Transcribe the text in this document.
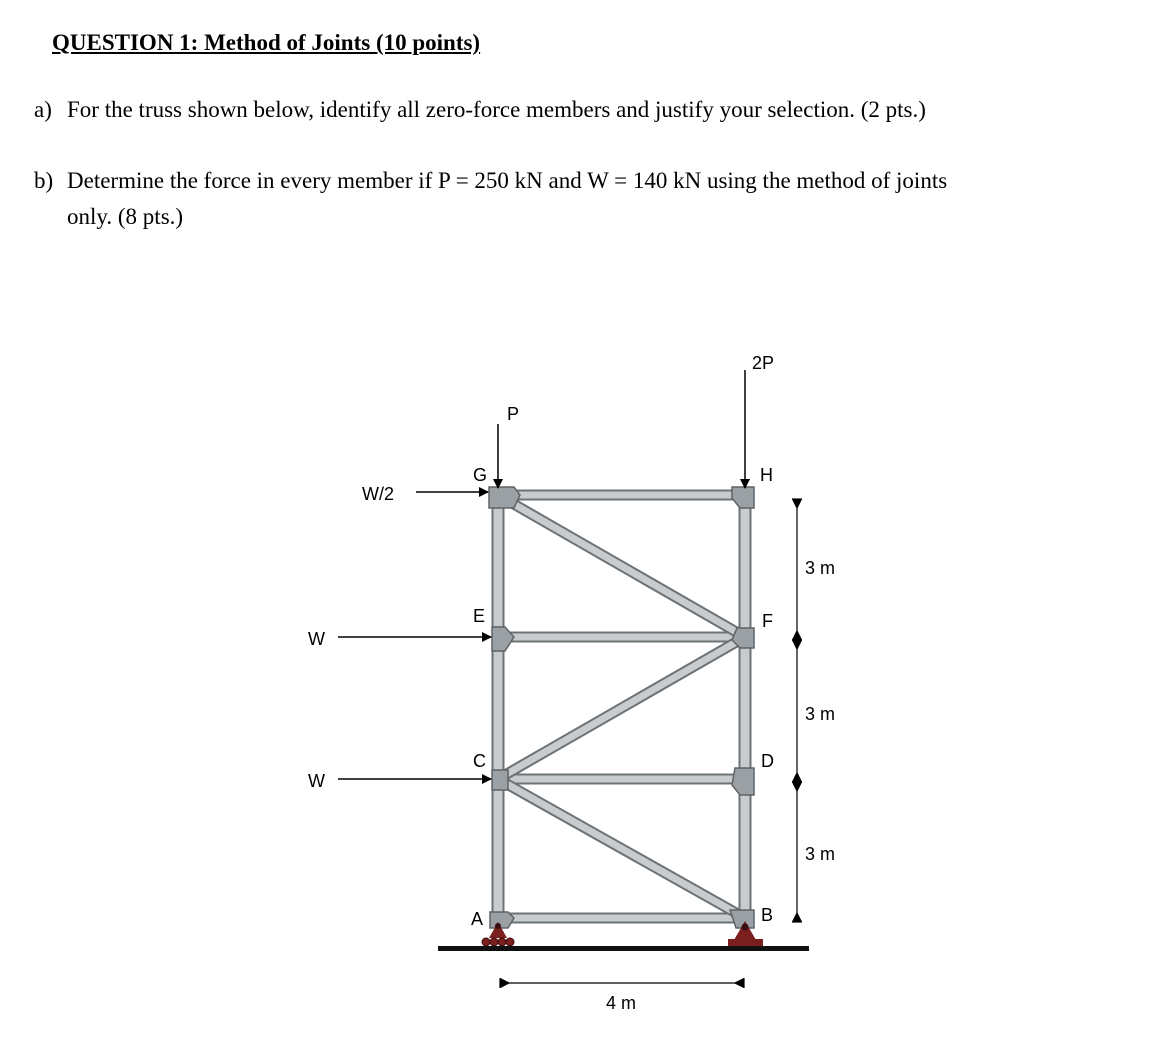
QUESTION 1: Method of Joints (10 points)
a) For the truss shown below, identify all zero-force members and justify your selection. (2 pts.)
b) Determine the force in every member if P = 250 kN and W = 140 kN using the method of joints
only. (8 pts.)
G	H
E	F
C	D
A	B
P
2P
W/2
W
W
3 m
3 m
3 m
4 m
